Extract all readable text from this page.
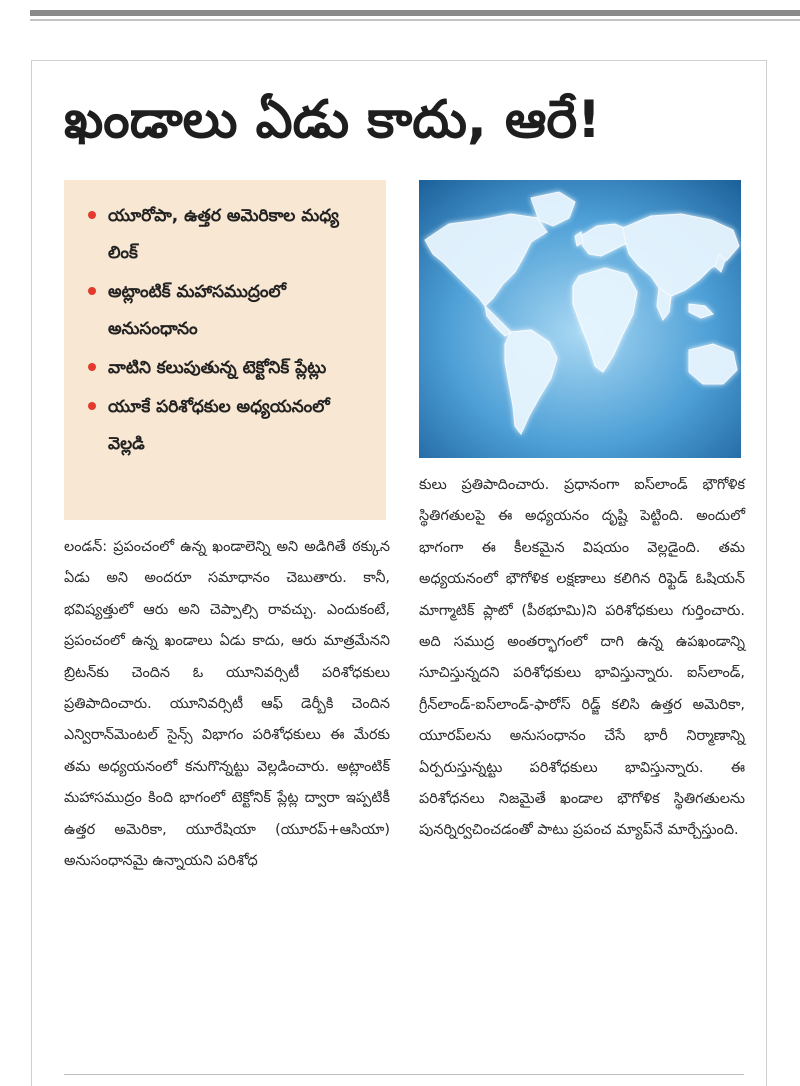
ఖండాలు ఏడు కాదు, ఆరే!
యూరోపా, ఉత్తర అమెరికాల మధ్య లింక్
అట్లాంటిక్ మహాసముద్రంలో అనుసంధానం
వాటిని కలుపుతున్న టెక్టోనిక్ ప్లేట్లు
యూకే పరిశోధకుల అధ్యయనంలో వెల్లడి
లండన్: ప్రపంచంలో ఉన్న ఖండాలెన్ని అని అడిగితే ఠక్కున ఏడు అని అందరూ సమాధానం చెబుతారు. కానీ, భవిష్యత్తులో ఆరు అని చెప్పాల్సి రావచ్చు. ఎందుకంటే, ప్రపంచంలో ఉన్న ఖండాలు ఏడు కాదు, ఆరు మాత్రమేనని బ్రిటన్‌కు చెందిన ఓ యూనివర్సిటీ పరిశోధకులు ప్రతిపాదించారు. యూనివర్సిటీ ఆఫ్ డెర్బీకి చెందిన ఎన్విరాన్‌మెంటల్ సైన్స్ విభాగం పరిశోధకులు ఈ మేరకు తమ అధ్యయనంలో కనుగొన్నట్టు వెల్లడించారు. అట్లాంటిక్ మహాసముద్రం కింది భాగంలో టెక్టోనిక్ ప్లేట్ల ద్వారా ఇప్పటికీ ఉత్తర అమెరికా, యూరేషియా (యూరప్+ఆసియా) అనుసంధానమై ఉన్నాయని పరిశోధ
కులు ప్రతిపాదించారు. ప్రధానంగా ఐస్‌లాండ్ భౌగోళిక స్థితిగతులపై ఈ అధ్యయనం దృష్టి పెట్టింది. అందులో భాగంగా ఈ కీలకమైన విషయం వెల్లడైంది. తమ అధ్యయనంలో భౌగోళిక లక్షణాలు కలిగిన రిఫ్టెడ్ ఓషియన్ మాగ్మాటిక్ ప్లాటో (పీఠభూమి)ని పరిశోధకులు గుర్తించారు. అది సముద్ర అంతర్భాగంలో దాగి ఉన్న ఉపఖండాన్ని సూచిస్తున్నదని పరిశోధకులు భావిస్తున్నారు. ఐస్‌లాండ్, గ్రీన్‌లాండ్-ఐస్‌లాండ్-ఫారోస్ రిడ్జ్ కలిసి ఉత్తర అమెరికా, యూరప్‌లను అనుసంధానం చేసే భారీ నిర్మాణాన్ని ఏర్పరుస్తున్నట్టు పరిశోధకులు భావిస్తున్నారు. ఈ పరిశోధనలు నిజమైతే ఖండాల భౌగోళిక స్థితిగతులను పునర్నిర్వచించడంతో పాటు ప్రపంచ మ్యాప్‌నే మార్చేస్తుంది.
